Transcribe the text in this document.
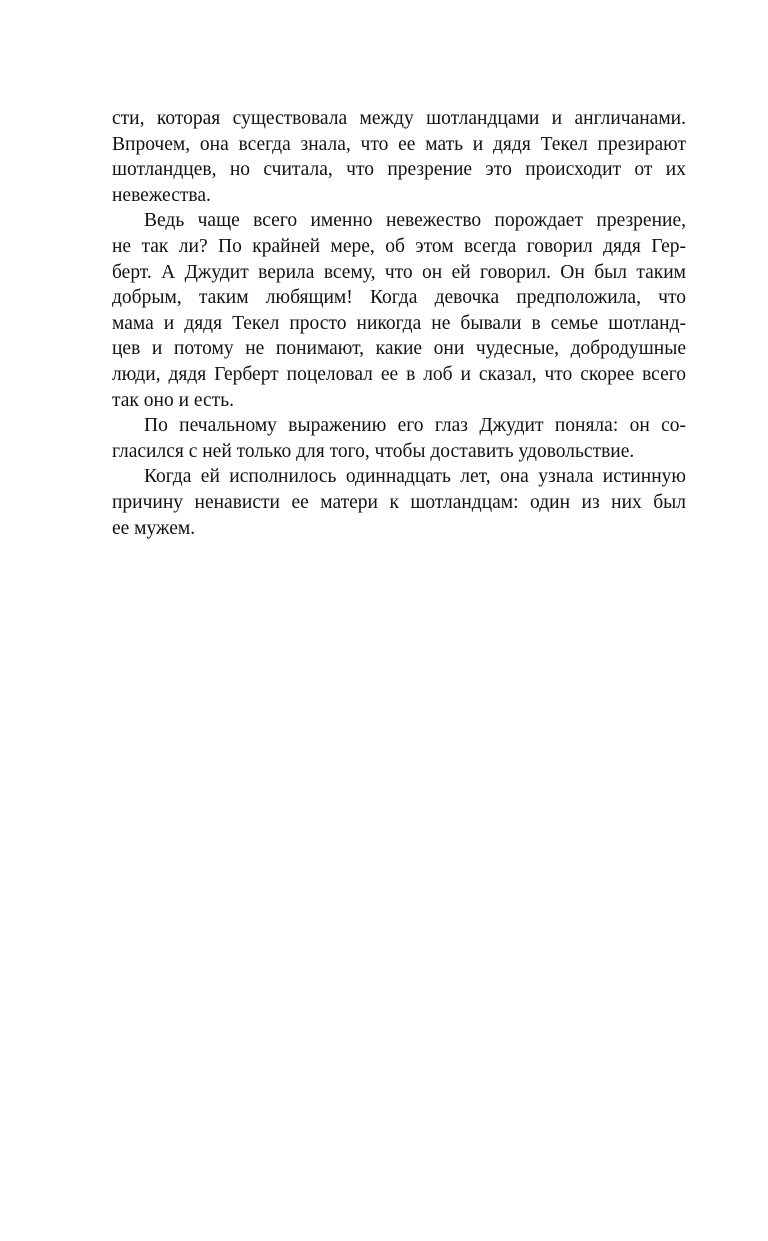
сти, которая существовала между шотландцами и англичанами.
Впрочем, она всегда знала, что ее мать и дядя Текел презирают
шотландцев, но считала, что презрение это происходит от их
невежества.
Ведь чаще всего именно невежество порождает презрение,
не так ли? По крайней мере, об этом всегда говорил дядя Гер-
берт. А Джудит верила всему, что он ей говорил. Он был таким
добрым, таким любящим! Когда девочка предположила, что
мама и дядя Текел просто никогда не бывали в семье шотланд-
цев и потому не понимают, какие они чудесные, добродушные
люди, дядя Герберт поцеловал ее в лоб и сказал, что скорее всего
так оно и есть.
По печальному выражению его глаз Джудит поняла: он со-
гласился с ней только для того, чтобы доставить удовольствие.
Когда ей исполнилось одиннадцать лет, она узнала истинную
причину ненависти ее матери к шотландцам: один из них был
ее мужем.
